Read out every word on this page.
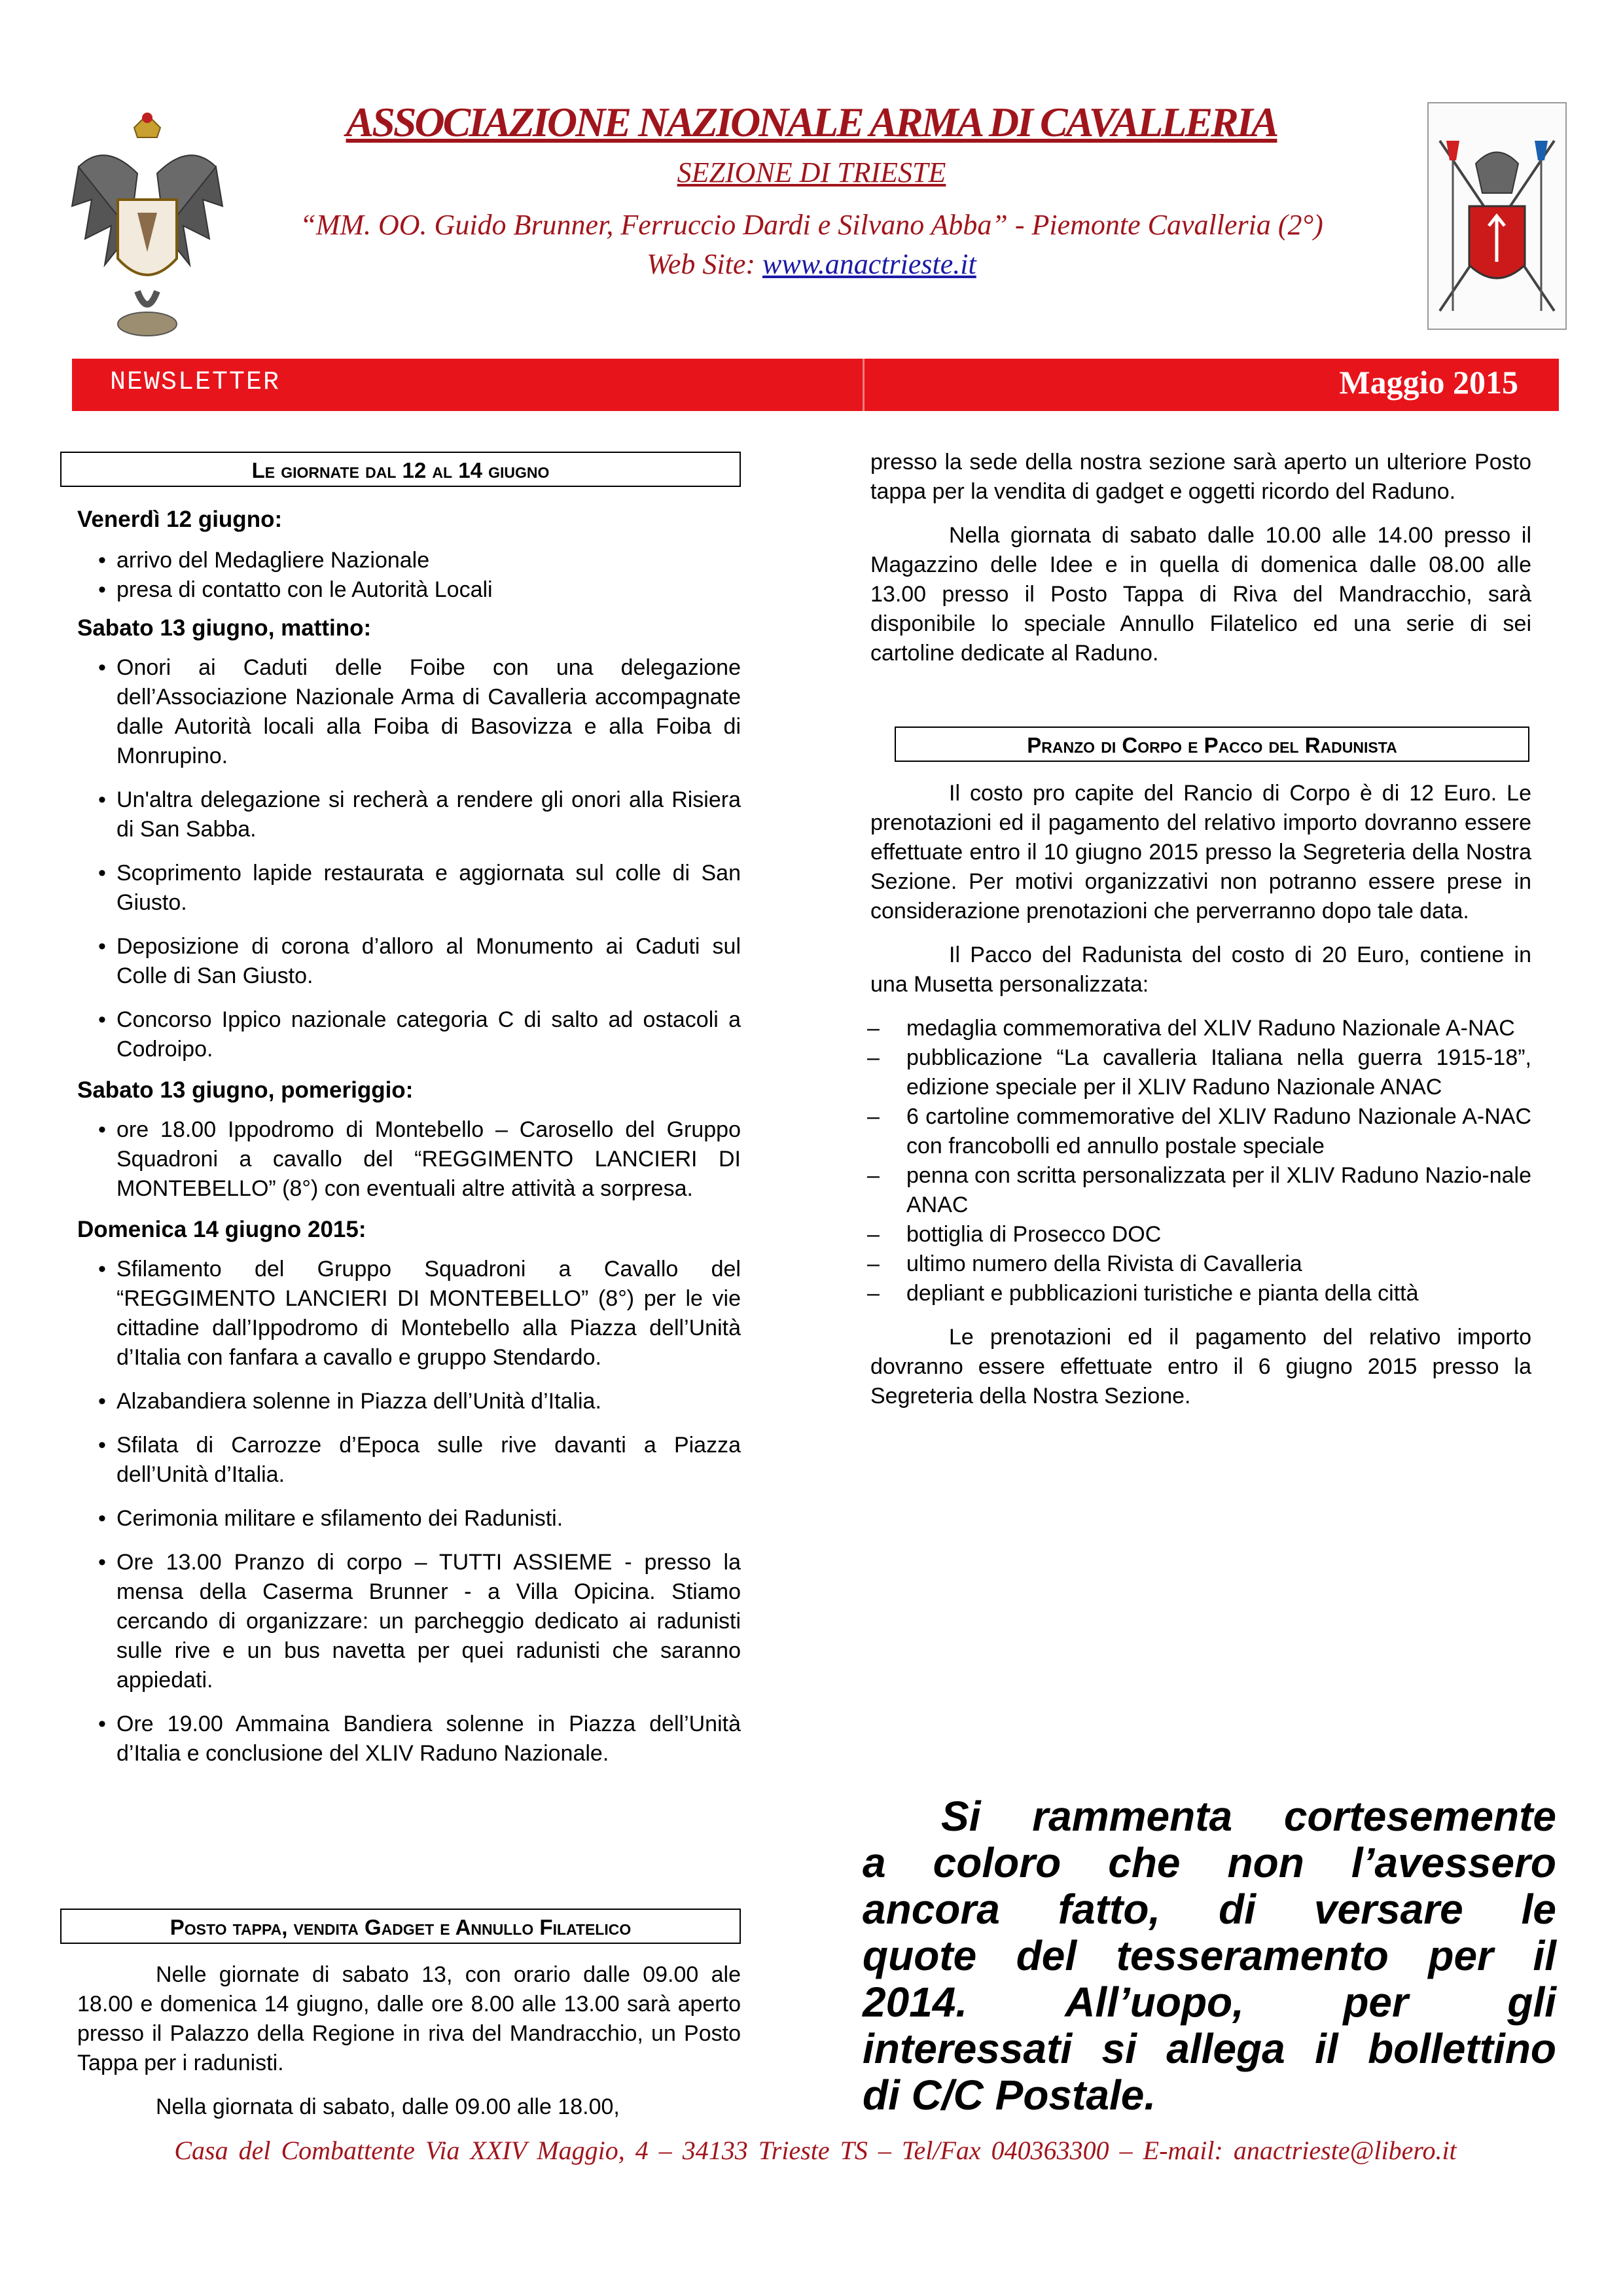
ASSOCIAZIONE NAZIONALE ARMA DI CAVALLERIA
SEZIONE DI TRIESTE
“MM. OO. Guido Brunner, Ferruccio Dardi e Silvano Abba” - Piemonte Cavalleria (2°)
Web Site: www.anactrieste.it
NEWSLETTER	Maggio 2015
Le giornate dal 12 al 14 giugno

Venerdì 12 giugno:

• arrivo del Medagliere Nazionale
• presa di contatto con le Autorità Locali

Sabato 13 giugno, mattino:

• Onori ai Caduti delle Foibe con una delegazione dell’Associazione Nazionale Arma di Cavalleria accompagnate dalle Autorità locali alla Foiba di Basovizza e alla Foiba di Monrupino.
• Un'altra delegazione si recherà a rendere gli onori alla Risiera di San Sabba.
• Scoprimento lapide restaurata e aggiornata sul colle di San Giusto.
• Deposizione di corona d’alloro al Monumento ai Caduti sul Colle di San Giusto.
• Concorso Ippico nazionale categoria C di salto ad ostacoli a Codroipo.

Sabato 13 giugno, pomeriggio:

• ore 18.00 Ippodromo di Montebello – Carosello del Gruppo Squadroni a cavallo del “REGGIMENTO LANCIERI DI MONTEBELLO” (8°) con eventuali altre attività a sorpresa.

Domenica 14 giugno 2015:

• Sfilamento del Gruppo Squadroni a Cavallo del “REGGIMENTO LANCIERI DI MONTEBELLO” (8°) per le vie cittadine dall’Ippodromo di Montebello alla Piazza dell’Unità d’Italia con fanfara a cavallo e gruppo Stendardo.
• Alzabandiera solenne in Piazza dell’Unità d’Italia.
• Sfilata di Carrozze d’Epoca sulle rive davanti a Piazza dell’Unità d’Italia.
• Cerimonia militare e sfilamento dei Radunisti.
• Ore 13.00 Pranzo di corpo – TUTTI ASSIEME - presso la mensa della Caserma Brunner - a Villa Opicina. Stiamo cercando di organizzare: un parcheggio dedicato ai radunisti sulle rive e un bus navetta per quei radunisti che saranno appiedati.
• Ore 19.00 Ammaina Bandiera solenne in Piazza dell’Unità d’Italia e conclusione del XLIV Raduno Nazionale.
Posto tappa, vendita Gadget e Annullo Filatelico

Nelle giornate di sabato 13, con orario dalle 09.00 ale 18.00 e domenica 14 giugno, dalle ore 8.00 alle 13.00 sarà aperto presso il Palazzo della Regione in riva del Mandracchio, un Posto Tappa per i radunisti.

Nella giornata di sabato, dalle 09.00 alle 18.00,

presso la sede della nostra sezione sarà aperto un ulteriore Posto tappa per la vendita di gadget e oggetti ricordo del Raduno.

Nella giornata di sabato dalle 10.00 alle 14.00 presso il Magazzino delle Idee e in quella di domenica dalle 08.00 alle 13.00 presso il Posto Tappa di Riva del Mandracchio, sarà disponibile lo speciale Annullo Filatelico ed una serie di sei cartoline dedicate al Raduno.

Pranzo di Corpo e Pacco del Radunista

Il costo pro capite del Rancio di Corpo è di 12 Euro. Le prenotazioni ed il pagamento del relativo importo dovranno essere effettuate entro il 10 giugno 2015 presso la Segreteria della Nostra Sezione. Per motivi organizzativi non potranno essere prese in considerazione prenotazioni che perverranno dopo tale data.

Il Pacco del Radunista del costo di 20 Euro, contiene in una Musetta personalizzata:

– medaglia commemorativa del XLIV Raduno Nazionale A-NAC
– pubblicazione “La cavalleria Italiana nella guerra 1915-18”, edizione speciale per il XLIV Raduno Nazionale ANAC
– 6 cartoline commemorative del XLIV Raduno Nazionale A-NAC con francobolli ed annullo postale speciale
– penna con scritta personalizzata per il XLIV Raduno Nazio-nale ANAC
– bottiglia di Prosecco DOC
– ultimo numero della Rivista di Cavalleria
– depliant e pubblicazioni turistiche e pianta della città

Le prenotazioni ed il pagamento del relativo importo dovranno essere effettuate entro il 6 giugno 2015 presso la Segreteria della Nostra Sezione.

Si rammenta cortesemente
a coloro che non l’avessero
ancora fatto, di versare le
quote del tesseramento per il
2014. All’uopo, per gli
interessati si allega il bollettino
di C/C Postale.
Casa del Combattente Via XXIV Maggio, 4 – 34133 Trieste TS – Tel/Fax 040363300 – E-mail: anactrieste@libero.it
